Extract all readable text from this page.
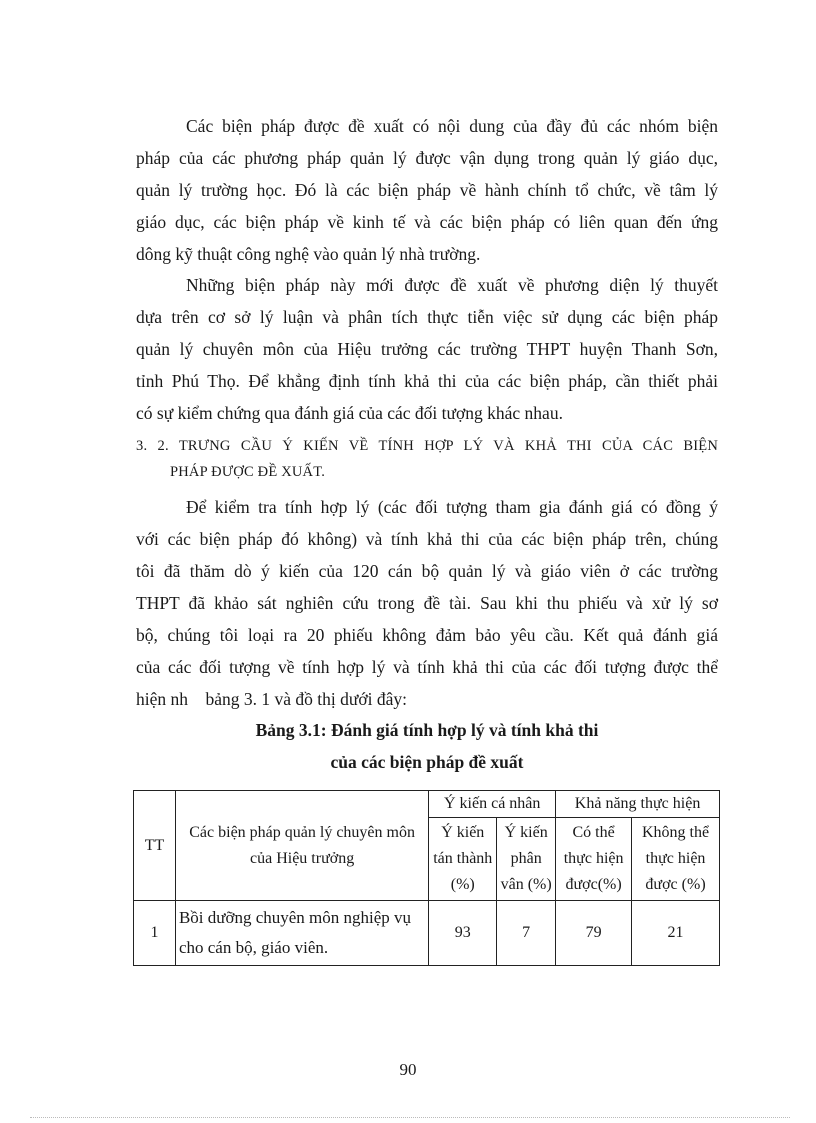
Các biện pháp được đề xuất có nội dung của đầy đủ các nhóm biện
pháp của các phương pháp quản lý được vận dụng trong quản lý giáo dục,
quản lý trường học. Đó là các biện pháp về hành chính tổ chức, về tâm lý
giáo dục, các biện pháp về kinh tế và các biện pháp có liên quan đến ứng
dông kỹ thuật công nghệ vào quản lý nhà trường.
Những biện pháp này mới được đề xuất về phương diện lý thuyết
dựa trên cơ sở lý luận và phân tích thực tiễn việc sử dụng các biện pháp
quản lý chuyên môn của Hiệu trưởng các trường THPT huyện Thanh Sơn,
tỉnh Phú Thọ. Để khẳng định tính khả thi của các biện pháp, cần thiết phải
có sự kiểm chứng qua đánh giá của các đối tượng khác nhau.
3. 2. TRƯNG CẦU Ý KIẾN VỀ TÍNH HỢP LÝ VÀ KHẢ THI CỦA CÁC BIỆN
PHÁP ĐƯỢC ĐỀ XUẤT.
Để kiểm tra tính hợp lý (các đối tượng tham gia đánh giá có đồng ý
với các biện pháp đó không) và tính khả thi của các biện pháp trên, chúng
tôi đã thăm dò ý kiến của 120 cán bộ quản lý và giáo viên ở các trường
THPT đã khảo sát nghiên cứu trong đề tài. Sau khi thu phiếu và xử lý sơ
bộ, chúng tôi loại ra 20 phiếu không đảm bảo yêu cầu. Kết quả đánh giá
của các đối tượng về tính hợp lý và tính khả thi của các đối tượng được thể
hiện nh    bảng 3. 1 và đồ thị dưới đây:
Bảng 3.1: Đánh giá tính hợp lý và tính khả thi
của các biện pháp đề xuất
TT	Các biện pháp quản lý chuyên môn của Hiệu trưởng	Ý kiến cá nhân		Khả năng thực hiện	
		Ý kiến tán thành (%)	Ý kiến phân vân (%)	Có thể thực hiện được(%)	Không thể thực hiện được (%)
1	Bồi dưỡng chuyên môn nghiệp vụ cho cán bộ, giáo viên.	93	7	79	21
90
